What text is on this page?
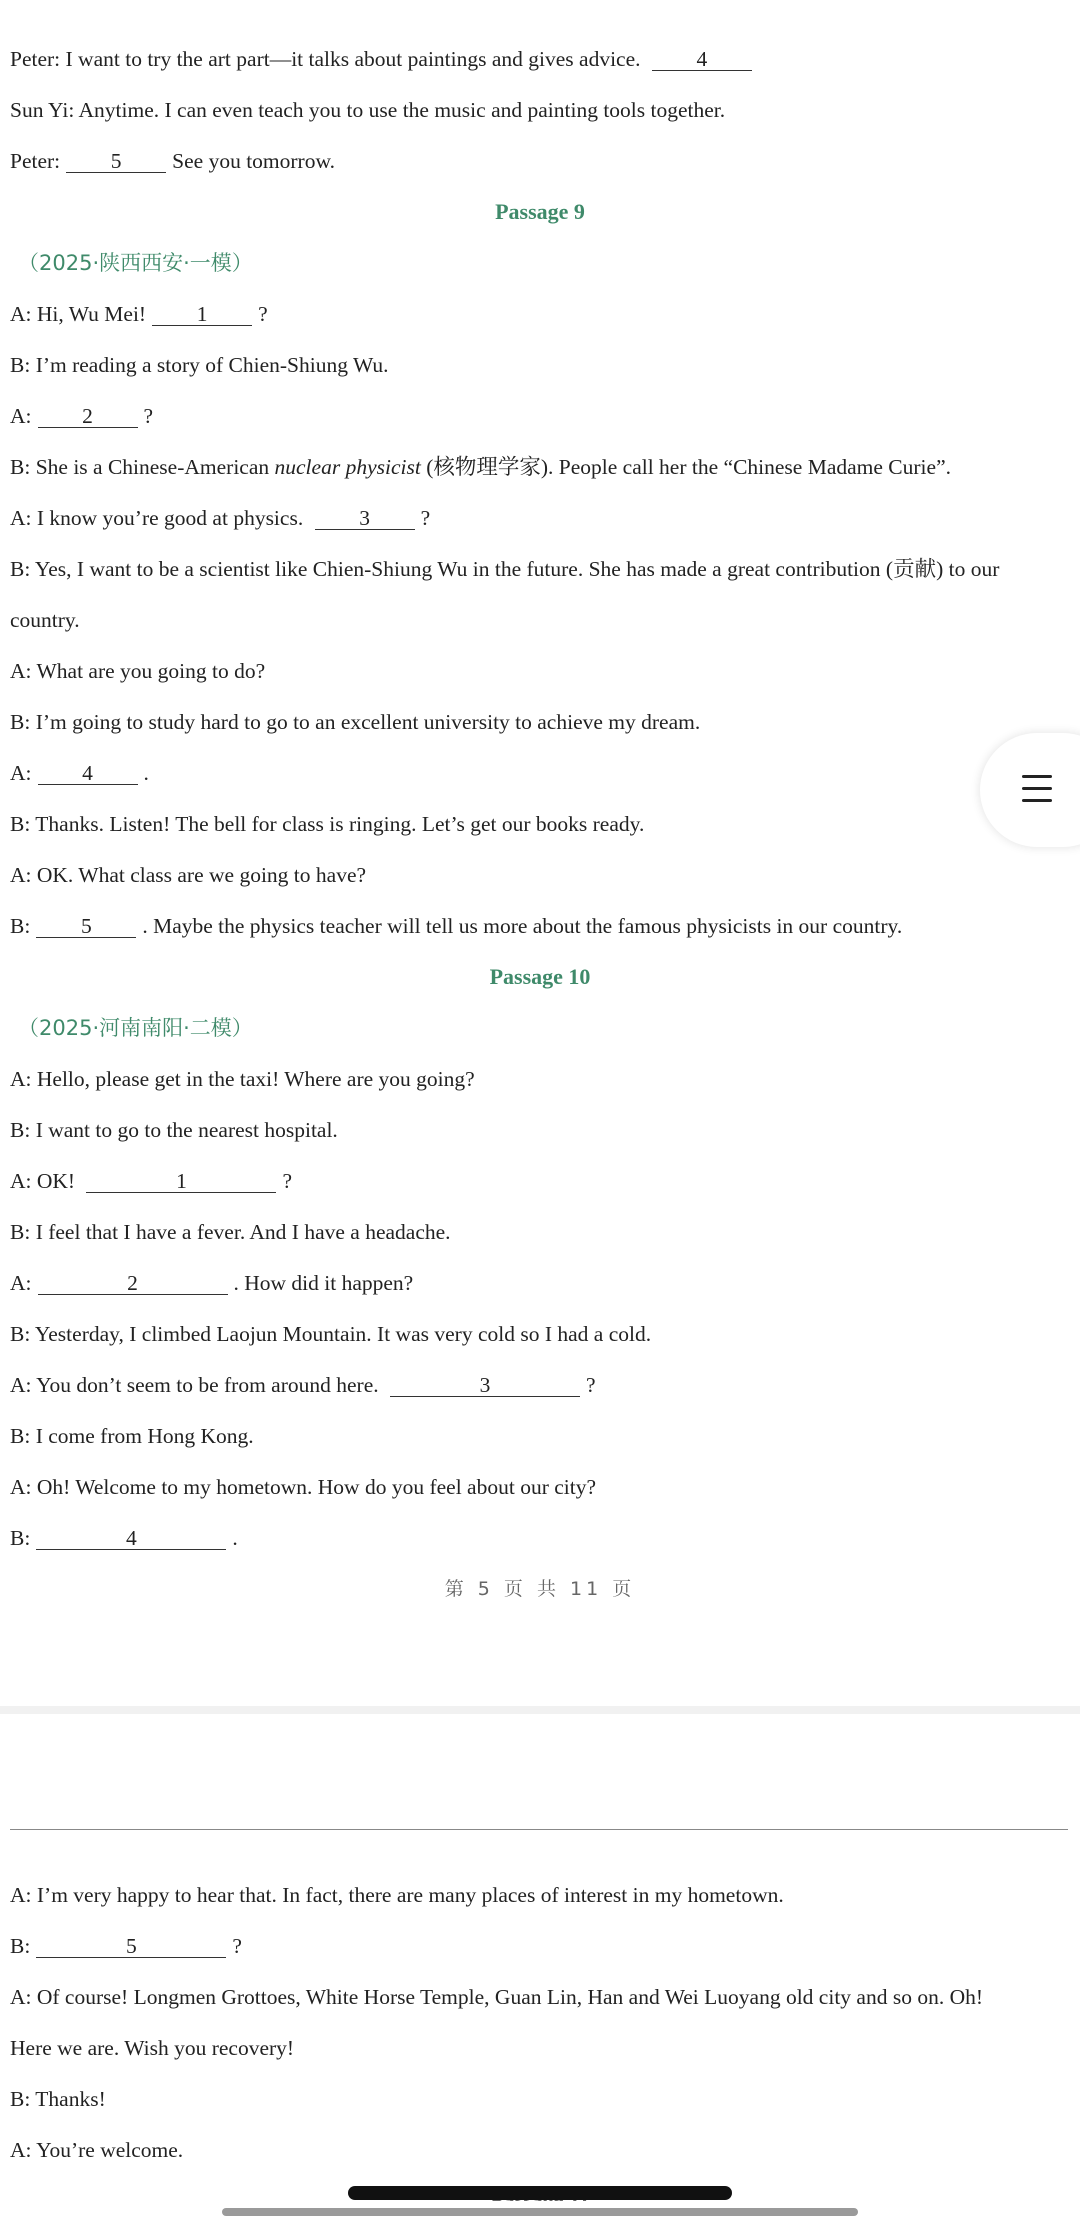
Peter: I want to try the art part—it talks about paintings and gives advice.	4
Sun Yi: Anytime. I can even teach you to use the music and painting tools together.
Peter: 5 See you tomorrow.
Passage 9
（2025·陕西西安·一模）
A: Hi, Wu Mei! 1 ?
B: I’m reading a story of Chien-Shiung Wu.
A: 2 ?
B: She is a Chinese-American nuclear physicist (核物理学家). People call her the “Chinese Madame Curie”.
A: I know you’re good at physics.	3 ?
B: Yes, I want to be a scientist like Chien-Shiung Wu in the future. She has made a great contribution (贡献) to our
country.
A: What are you going to do?
B: I’m going to study hard to go to an excellent university to achieve my dream.
A: 4 .
B: Thanks. Listen! The bell for class is ringing. Let’s get our books ready.
A: OK. What class are we going to have?
B: 5 . Maybe the physics teacher will tell us more about the famous physicists in our country.
Passage 10
（2025·河南南阳·二模）
A: Hello, please get in the taxi! Where are you going?
B: I want to go to the nearest hospital.
A: OK!	1	?
B: I feel that I have a fever. And I have a headache.
A:	2	. How did it happen?
B: Yesterday, I climbed Laojun Mountain. It was very cold so I had a cold.
A: You don’t seem to be from around here.	3	?
B: I come from Hong Kong.
A: Oh! Welcome to my hometown. How do you feel about our city?
B:	4	.
第 5 页 共 11 页
A: I’m very happy to hear that. In fact, there are many places of interest in my hometown.
B:	5	?
A: Of course! Longmen Grottoes, White Horse Temple, Guan Lin, Han and Wei Luoyang old city and so on. Oh!
Here we are. Wish you recovery!
B: Thanks!
A: You’re welcome.
